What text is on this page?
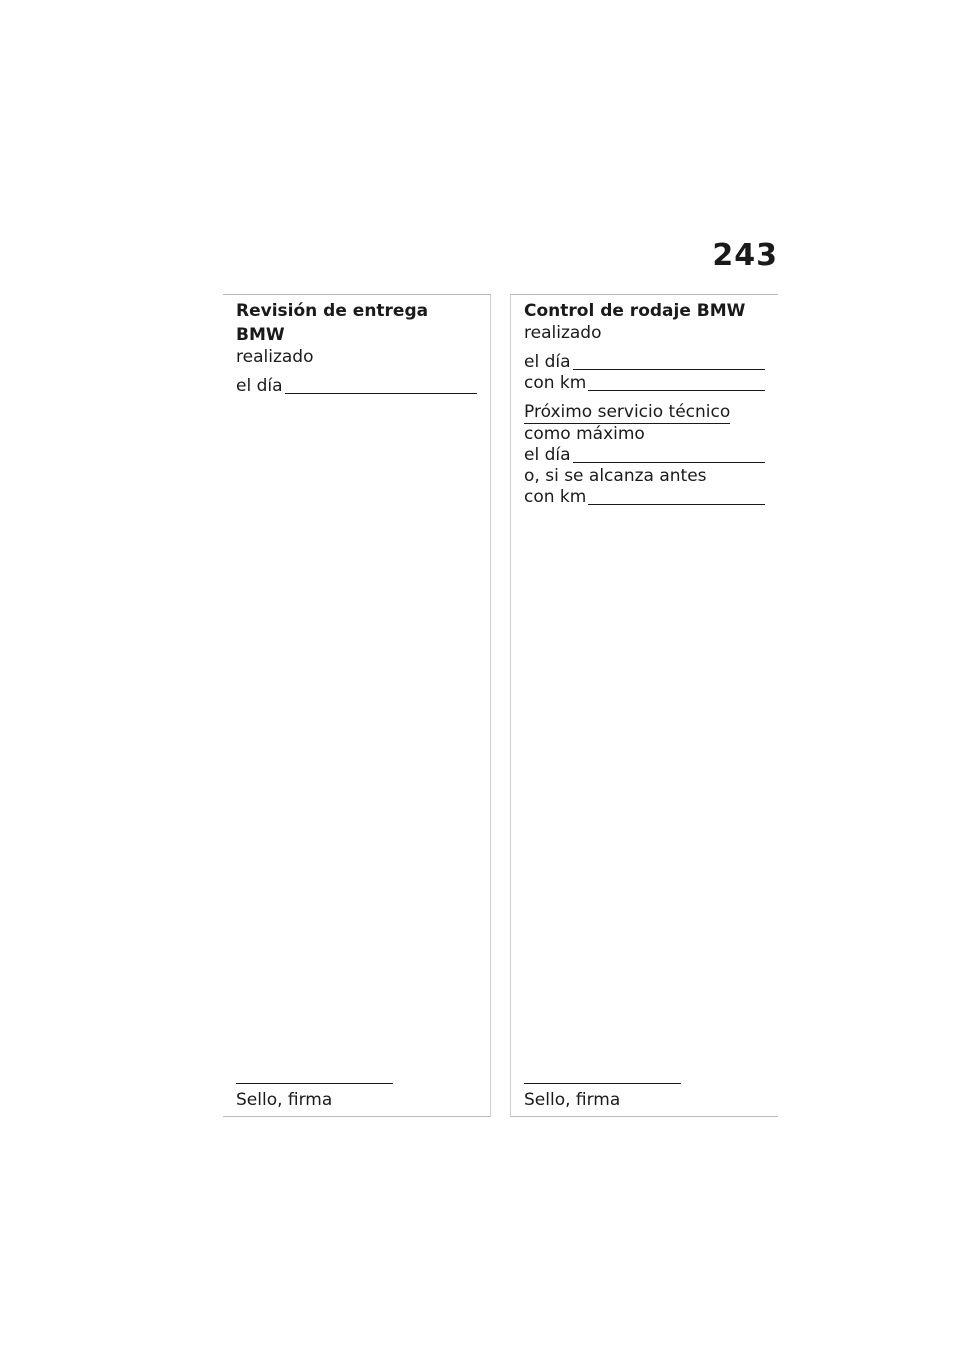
243

Revisión de entrega BMW

realizado

el día
Sello, firma

Control de rodaje BMW

realizado

el día
con km
Próximo servicio técnico

como máximo

el día

o, si se alcanza antes

con km
Sello, firma
